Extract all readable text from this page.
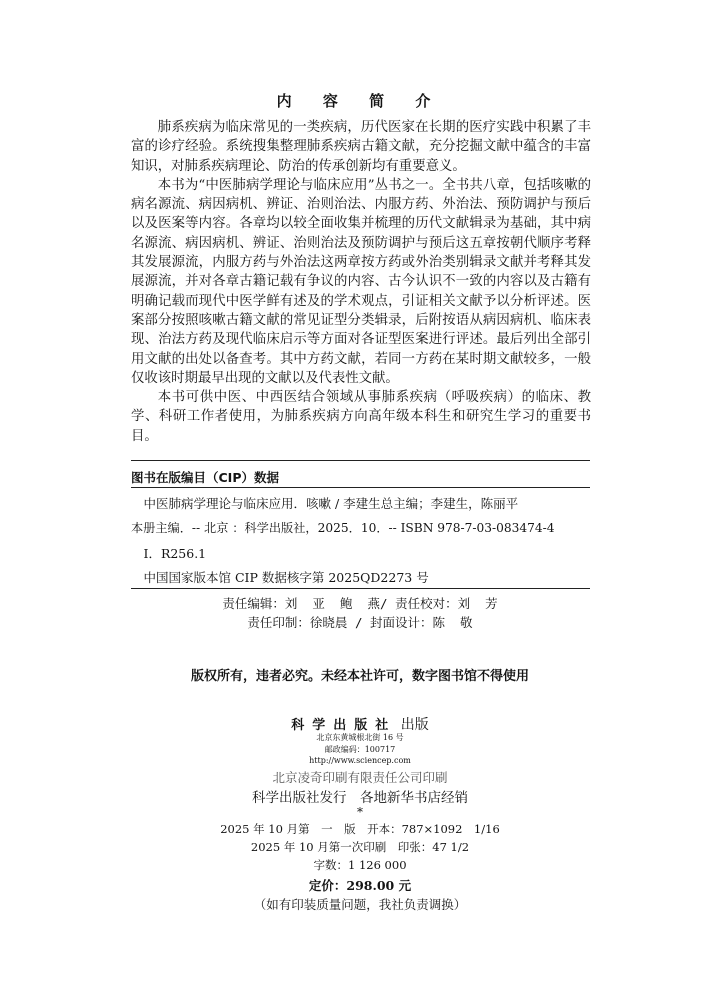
内 容 简 介

肺系疾病为临床常见的一类疾病，历代医家在长期的医疗实践中积累了丰富的诊疗经验。系统搜集整理肺系疾病古籍文献，充分挖掘文献中蕴含的丰富知识，对肺系疾病理论、防治的传承创新均有重要意义。

本书为“中医肺病学理论与临床应用”丛书之一。全书共八章，包括咳嗽的病名源流、病因病机、辨证、治则治法、内服方药、外治法、预防调护与预后以及医案等内容。各章均以较全面收集并梳理的历代文献辑录为基础，其中病名源流、病因病机、辨证、治则治法及预防调护与预后这五章按朝代顺序考释其发展源流，内服方药与外治法这两章按方药或外治类别辑录文献并考释其发展源流，并对各章古籍记载有争议的内容、古今认识不一致的内容以及古籍有明确记载而现代中医学鲜有述及的学术观点，引证相关文献予以分析评述。医案部分按照咳嗽古籍文献的常见证型分类辑录，后附按语从病因病机、临床表现、治法方药及现代临床启示等方面对各证型医案进行评述。最后列出全部引用文献的出处以备查考。其中方药文献，若同一方药在某时期文献较多，一般仅收该时期最早出现的文献以及代表性文献。

本书可供中医、中西医结合领域从事肺系疾病（呼吸疾病）的临床、教学、科研工作者使用，为肺系疾病方向高年级本科生和研究生学习的重要书目。

图书在版编目（CIP）数据
中医肺病学理论与临床应用．咳嗽 / 李建生总主编；李建生，陈丽平
本册主编．-- 北京 ：科学出版社，2025．10．-- ISBN 978-7-03-083474-4
Ⅰ．R256.1
中国国家版本馆 CIP 数据核字第 2025QD2273 号
责任编辑：刘  亚  鲍  燕/ 责任校对：刘  芳
责任印制：徐晓晨 / 封面设计：陈  敬
版权所有，违者必究。未经本社许可，数字图书馆不得使用
科学出版社 出版
北京东黄城根北街 16 号
邮政编码：100717
http://www.sciencep.com
北京凌奇印刷有限责任公司印刷
科学出版社发行　各地新华书店经销
*
2025 年 10 月第　一　版　开本：787×1092　1/16
2025 年 10 月第一次印刷　印张：47 1/2
字数：1 126 000
定价：298.00 元
（如有印装质量问题，我社负责调换）
